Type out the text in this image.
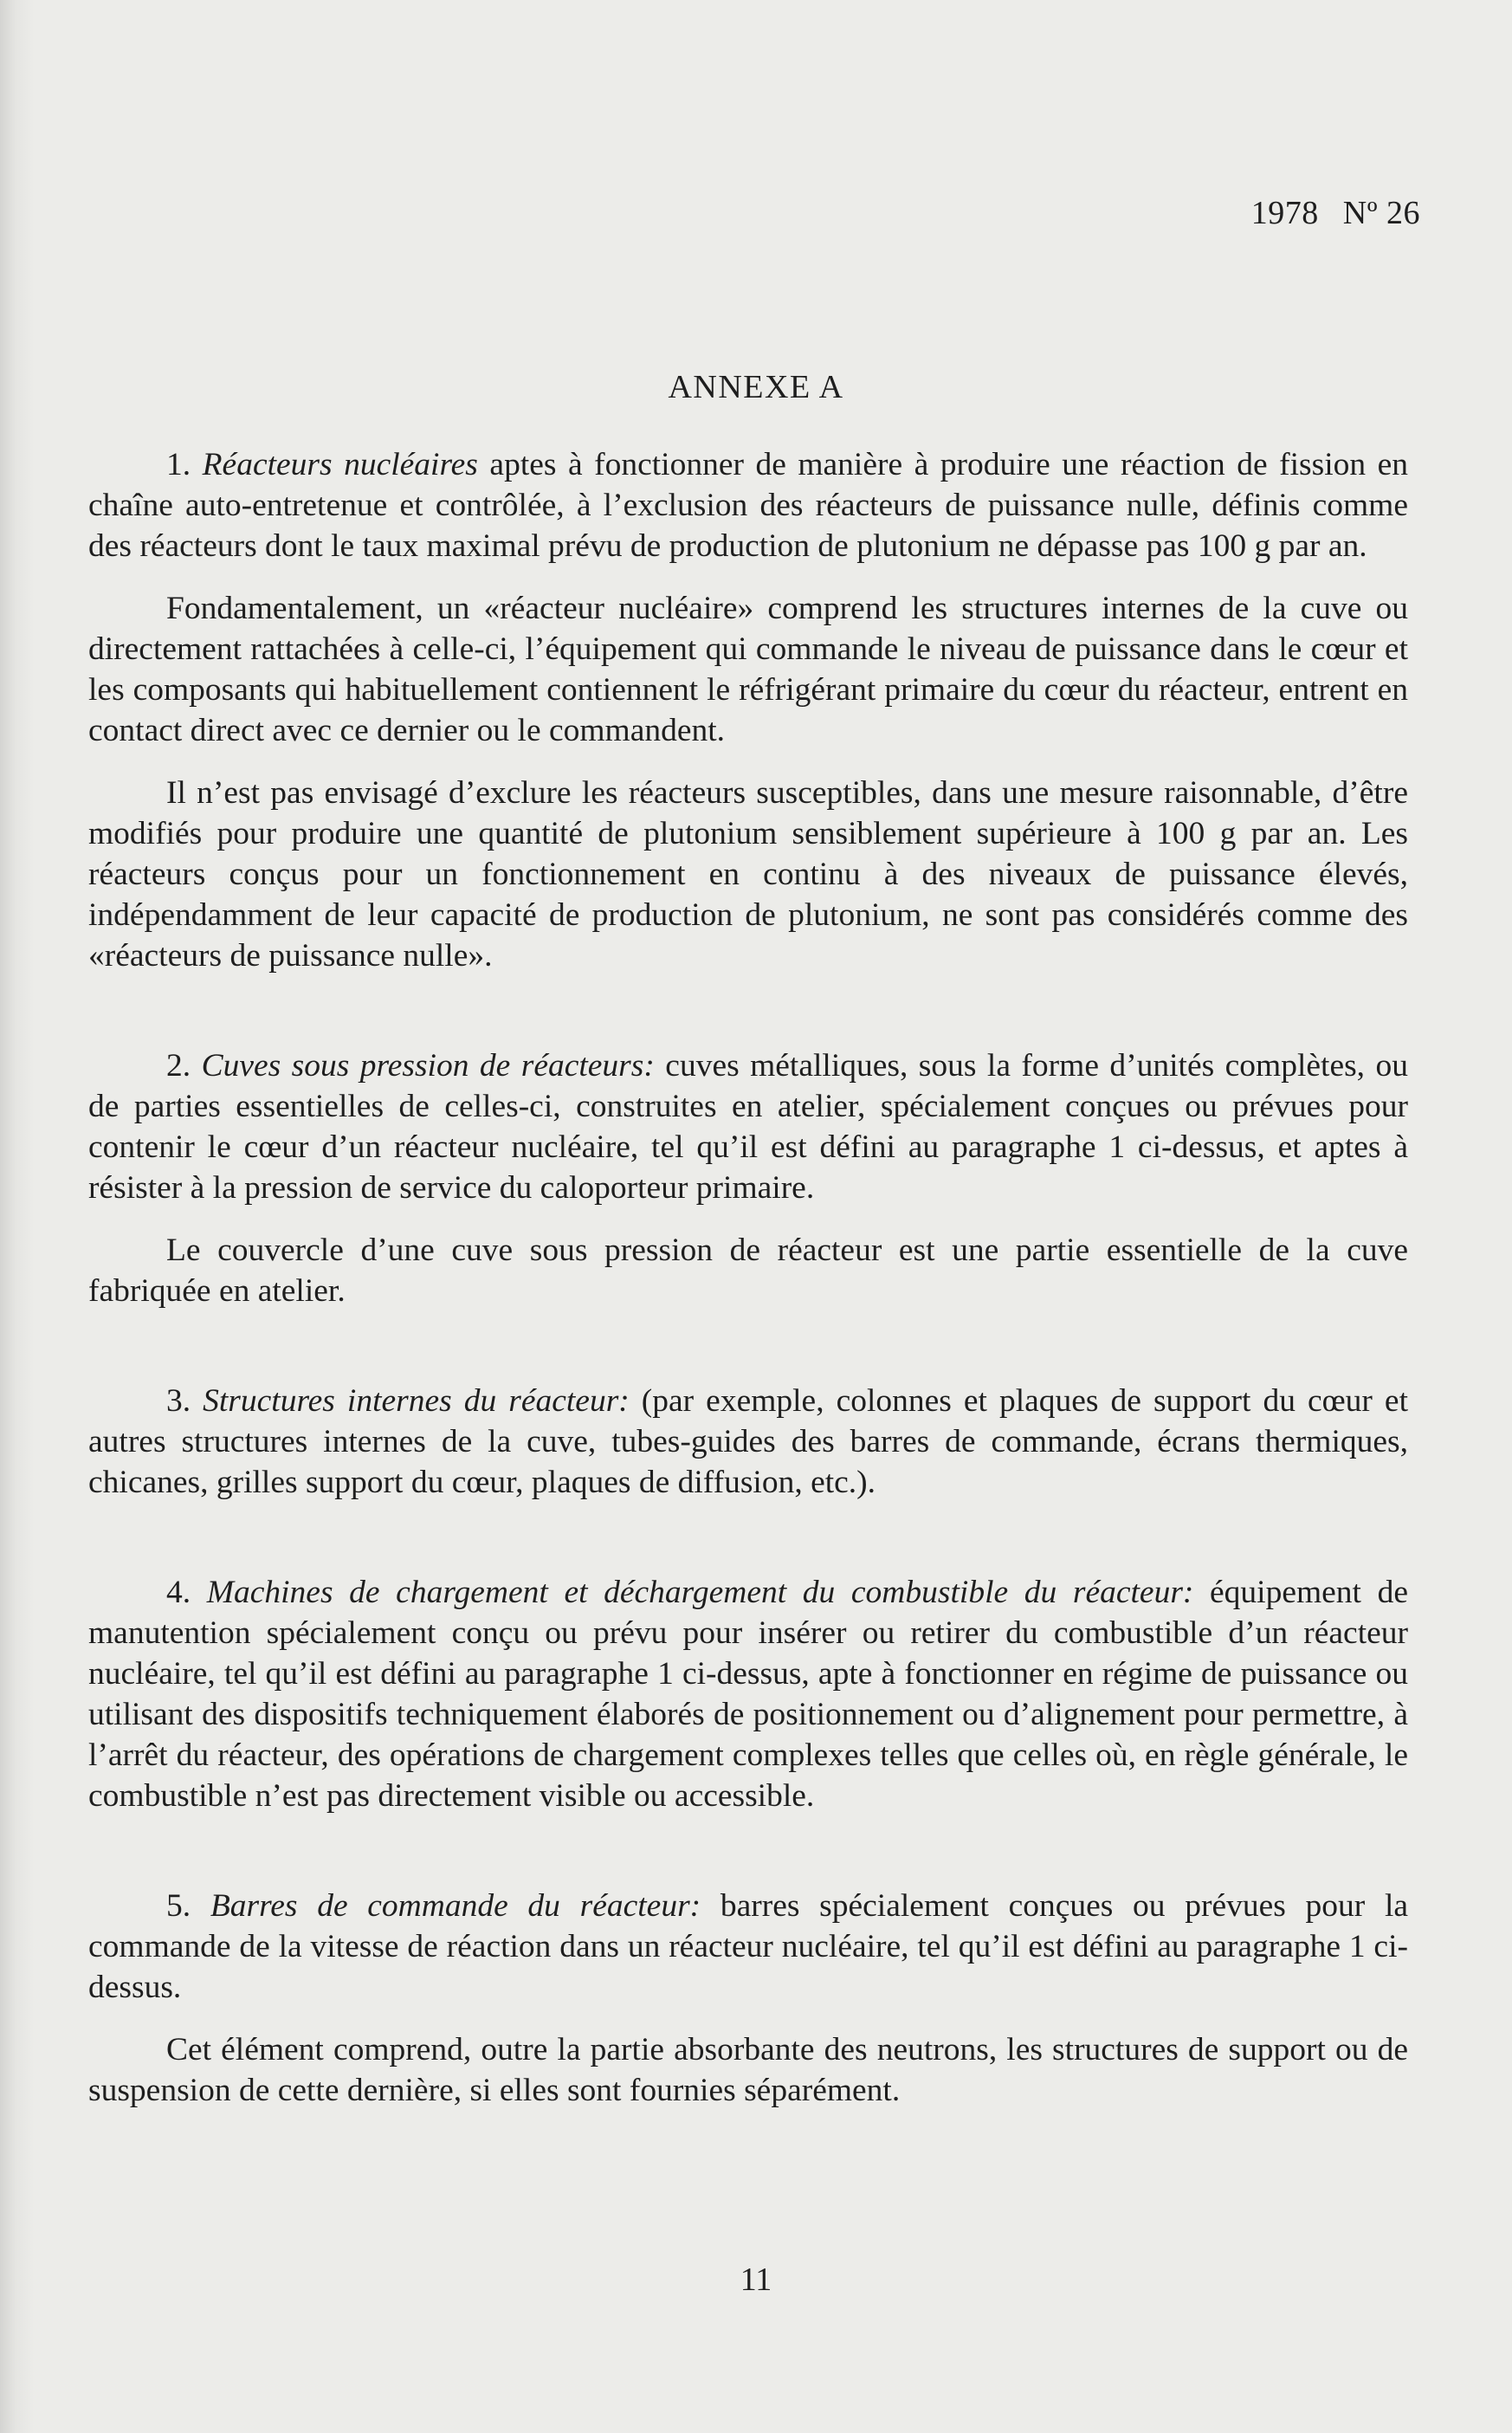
1978 Nº 26
ANNEXE A

1. Réacteurs nucléaires aptes à fonctionner de manière à produire une réaction de fission en chaîne auto-entretenue et contrôlée, à l’exclusion des réacteurs de puissance nulle, définis comme des réacteurs dont le taux maximal prévu de production de plutonium ne dépasse pas 100 g par an.

Fondamentalement, un «réacteur nucléaire» comprend les structures internes de la cuve ou directement rattachées à celle-ci, l’équipement qui commande le niveau de puissance dans le cœur et les composants qui habituellement contiennent le réfrigérant primaire du cœur du réacteur, entrent en contact direct avec ce dernier ou le commandent.

Il n’est pas envisagé d’exclure les réacteurs susceptibles, dans une mesure raisonnable, d’être modifiés pour produire une quantité de plutonium sensiblement supérieure à 100 g par an. Les réacteurs conçus pour un fonctionnement en continu à des niveaux de puissance élevés, indépendamment de leur capacité de production de plutonium, ne sont pas considérés comme des «réacteurs de puissance nulle».

2. Cuves sous pression de réacteurs: cuves métalliques, sous la forme d’unités complètes, ou de parties essentielles de celles-ci, construites en atelier, spécialement conçues ou prévues pour contenir le cœur d’un réacteur nucléaire, tel qu’il est défini au paragraphe 1 ci-dessus, et aptes à résister à la pression de service du caloporteur primaire.

Le couvercle d’une cuve sous pression de réacteur est une partie essentielle de la cuve fabriquée en atelier.

3. Structures internes du réacteur: (par exemple, colonnes et plaques de support du cœur et autres structures internes de la cuve, tubes-guides des barres de commande, écrans thermiques, chicanes, grilles support du cœur, plaques de diffusion, etc.).

4. Machines de chargement et déchargement du combustible du réacteur: équipement de manutention spécialement conçu ou prévu pour insérer ou retirer du combustible d’un réacteur nucléaire, tel qu’il est défini au paragraphe 1 ci-dessus, apte à fonctionner en régime de puissance ou utilisant des dispositifs techniquement élaborés de positionnement ou d’alignement pour permettre, à l’arrêt du réacteur, des opérations de chargement complexes telles que celles où, en règle générale, le combustible n’est pas directement visible ou accessible.

5. Barres de commande du réacteur: barres spécialement conçues ou prévues pour la commande de la vitesse de réaction dans un réacteur nucléaire, tel qu’il est défini au paragraphe 1 ci-dessus.

Cet élément comprend, outre la partie absorbante des neutrons, les structures de support ou de suspension de cette dernière, si elles sont fournies séparément.

11
